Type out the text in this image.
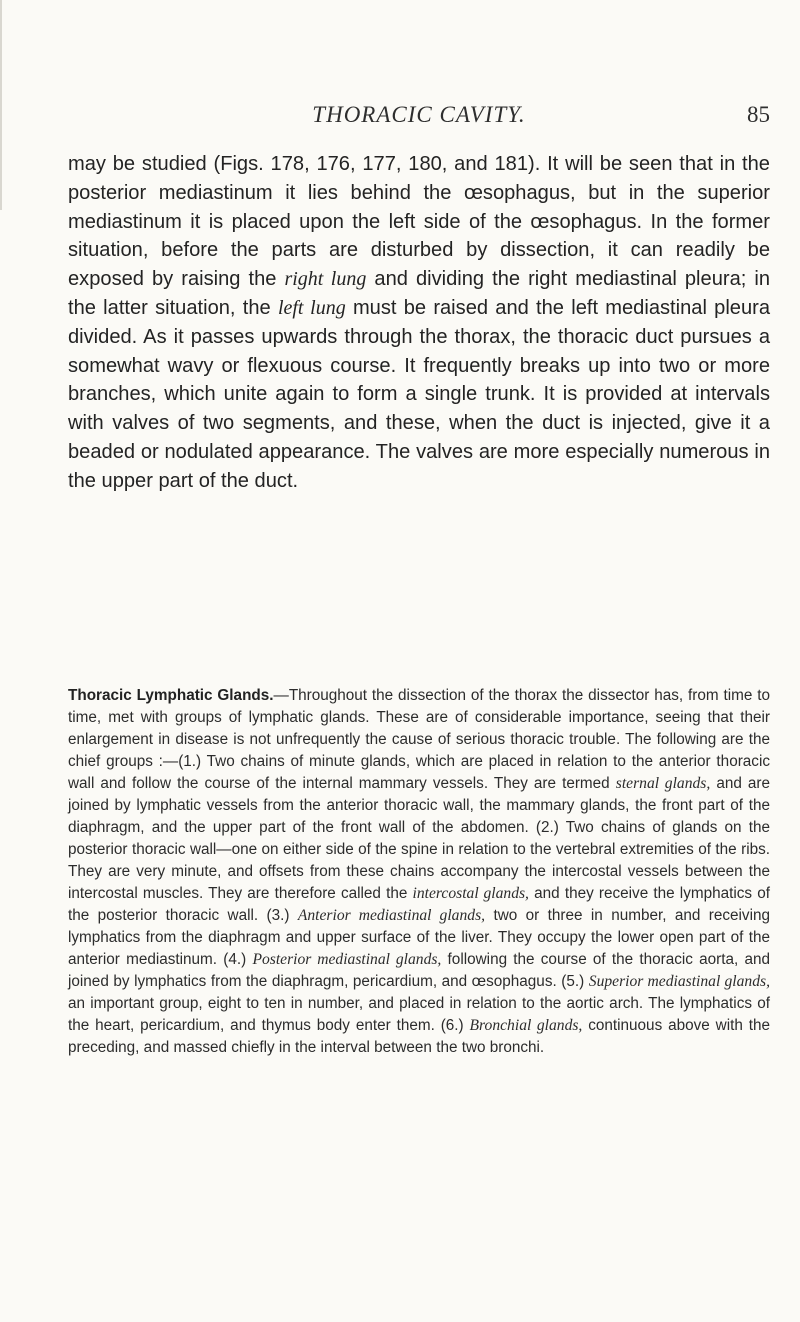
THORACIC CAVITY.	85

may be studied (Figs. 178, 176, 177, 180, and 181). It will be seen that in the posterior mediastinum it lies behind the œsophagus, but in the superior mediastinum it is placed upon the left side of the œsophagus. In the former situation, before the parts are disturbed by dissection, it can readily be exposed by raising the right lung and dividing the right mediastinal pleura; in the latter situation, the left lung must be raised and the left mediastinal pleura divided. As it passes upwards through the thorax, the thoracic duct pursues a somewhat wavy or flexuous course. It frequently breaks up into two or more branches, which unite again to form a single trunk. It is provided at intervals with valves of two segments, and these, when the duct is injected, give it a beaded or nodulated appearance. The valves are more especially numerous in the upper part of the duct.

Thoracic Lymphatic Glands.—Throughout the dissection of the thorax the dissector has, from time to time, met with groups of lymphatic glands. These are of considerable importance, seeing that their enlargement in disease is not unfrequently the cause of serious thoracic trouble. The following are the chief groups :—(1.) Two chains of minute glands, which are placed in relation to the anterior thoracic wall and follow the course of the internal mammary vessels. They are termed sternal glands, and are joined by lymphatic vessels from the anterior thoracic wall, the mammary glands, the front part of the diaphragm, and the upper part of the front wall of the abdomen. (2.) Two chains of glands on the posterior thoracic wall—one on either side of the spine in relation to the vertebral extremities of the ribs. They are very minute, and offsets from these chains accompany the intercostal vessels between the intercostal muscles. They are therefore called the intercostal glands, and they receive the lymphatics of the posterior thoracic wall. (3.) Anterior mediastinal glands, two or three in number, and receiving lymphatics from the diaphragm and upper surface of the liver. They occupy the lower open part of the anterior mediastinum. (4.) Posterior mediastinal glands, following the course of the thoracic aorta, and joined by lymphatics from the diaphragm, pericardium, and œsophagus. (5.) Superior mediastinal glands, an important group, eight to ten in number, and placed in relation to the aortic arch. The lymphatics of the heart, pericardium, and thymus body enter them. (6.) Bronchial glands, continuous above with the preceding, and massed chiefly in the interval between the two bronchi.
